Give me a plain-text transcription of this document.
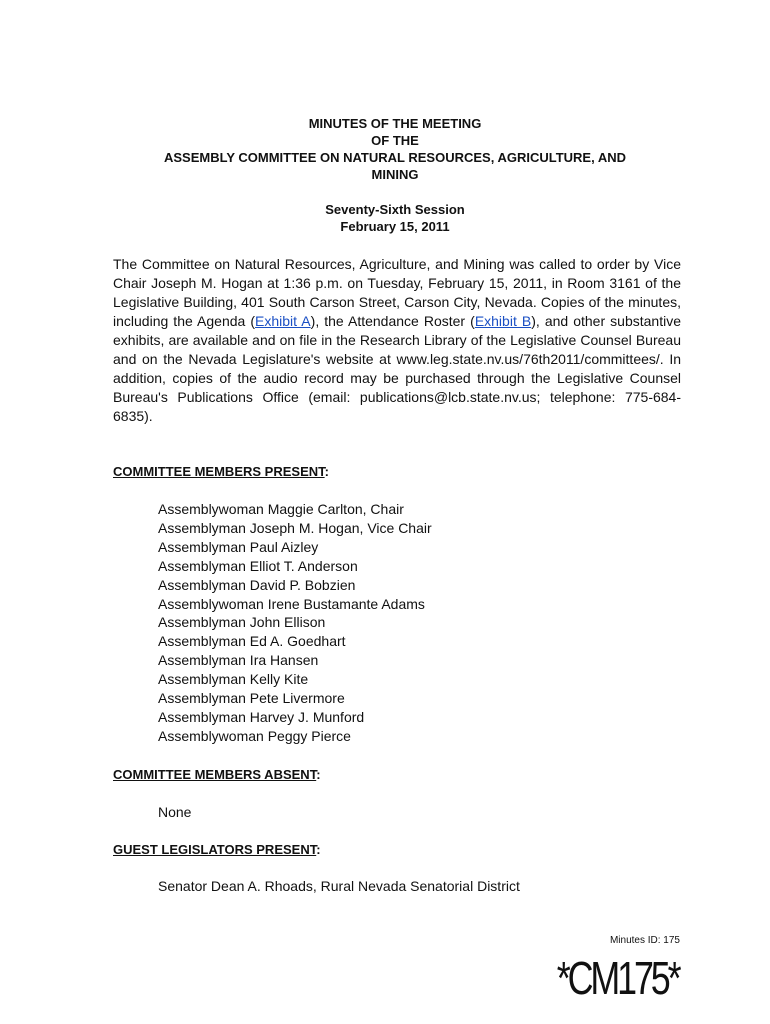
MINUTES OF THE MEETING
OF THE
ASSEMBLY COMMITTEE ON NATURAL RESOURCES, AGRICULTURE, AND
MINING
Seventy-Sixth Session
February 15, 2011
The Committee on Natural Resources, Agriculture, and Mining was called to order by Vice Chair Joseph M. Hogan at 1:36 p.m. on Tuesday, February 15, 2011, in Room 3161 of the Legislative Building, 401 South Carson Street, Carson City, Nevada. Copies of the minutes, including the Agenda (Exhibit A), the Attendance Roster (Exhibit B), and other substantive exhibits, are available and on file in the Research Library of the Legislative Counsel Bureau and on the Nevada Legislature's website at www.leg.state.nv.us/76th2011/committees/. In addition, copies of the audio record may be purchased through the Legislative Counsel Bureau's Publications Office (email: publications@lcb.state.nv.us; telephone: 775-684-6835).
COMMITTEE MEMBERS PRESENT:
Assemblywoman Maggie Carlton, Chair
Assemblyman Joseph M. Hogan, Vice Chair
Assemblyman Paul Aizley
Assemblyman Elliot T. Anderson
Assemblyman David P. Bobzien
Assemblywoman Irene Bustamante Adams
Assemblyman John Ellison
Assemblyman Ed A. Goedhart
Assemblyman Ira Hansen
Assemblyman Kelly Kite
Assemblyman Pete Livermore
Assemblyman Harvey J. Munford
Assemblywoman Peggy Pierce
COMMITTEE MEMBERS ABSENT:
None
GUEST LEGISLATORS PRESENT:
Senator Dean A. Rhoads, Rural Nevada Senatorial District
Minutes ID: 175
*CM175*
